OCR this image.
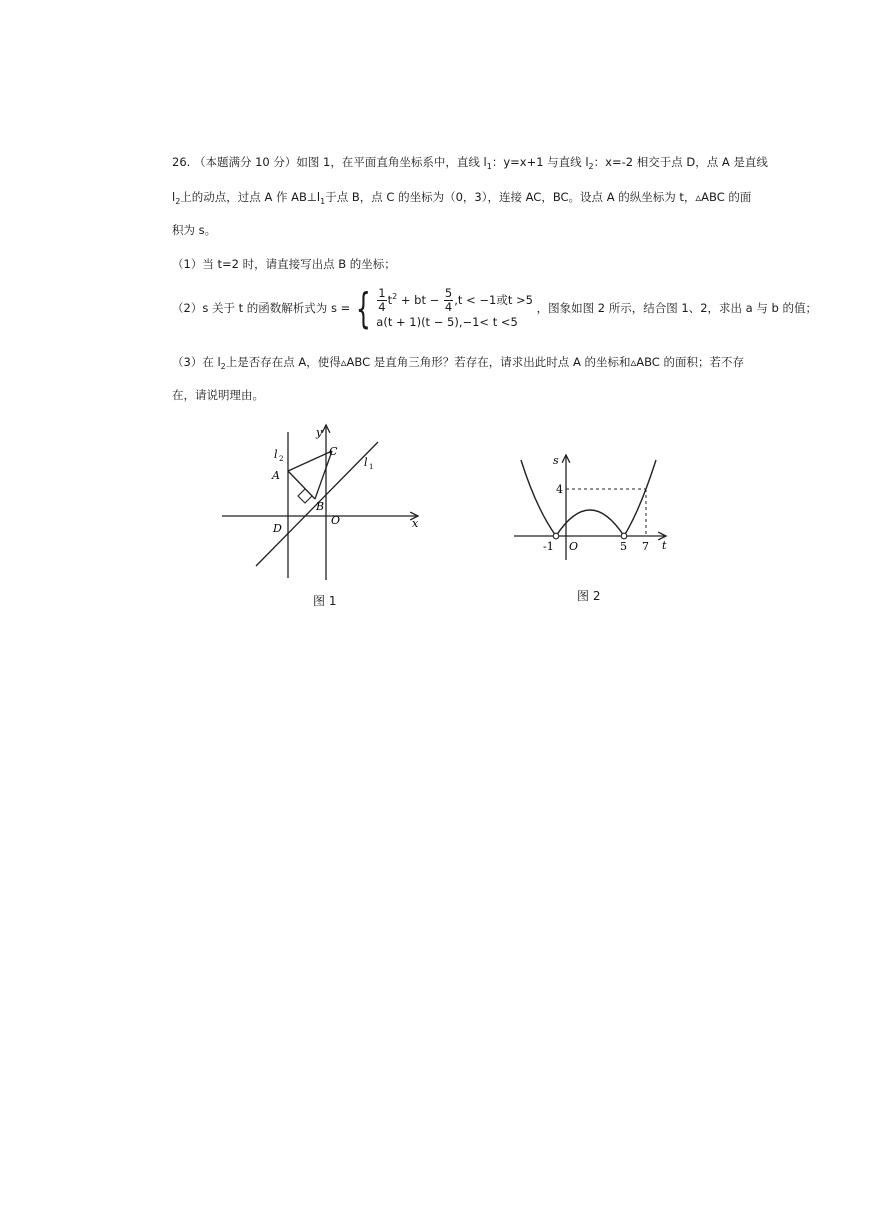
26. （本题满分 10 分）如图 1，在平面直角坐标系中，直线 $l_1$：y=x+1 与直线 $l_2$：x=-2 相交于点 D，点 A 是直线
$l_2$上的动点，过点 A 作 $AB\perp l_1$于点 B，点 C 的坐标为（0，3），连接 AC，BC。设点 A 的纵坐标为 t，▵ABC 的面
积为 s。
（1）当 t=2 时，请直接写出点 B 的坐标；
（2）s 关于 t 的函数解析式为 s = { $\frac{1}{4} t^2$ + bt − $\frac{5}{4} ,t < -1$或t >5
a(t + 1)(t − 5),−1< t <5
，图象如图 2 所示，结合图 1、2，求出 a 与 b 的值；
（3）在 $l_2$上是否存在点 A，使得▵ABC 是直角三角形？若存在，请求出此时点 A 的坐标和▵ABC 的面积；若不存
在，请说明理由。
y
x
l 2	l 1
A
B
C
D
O
图 1
s
t
4
-1 O	5 7
图 2
